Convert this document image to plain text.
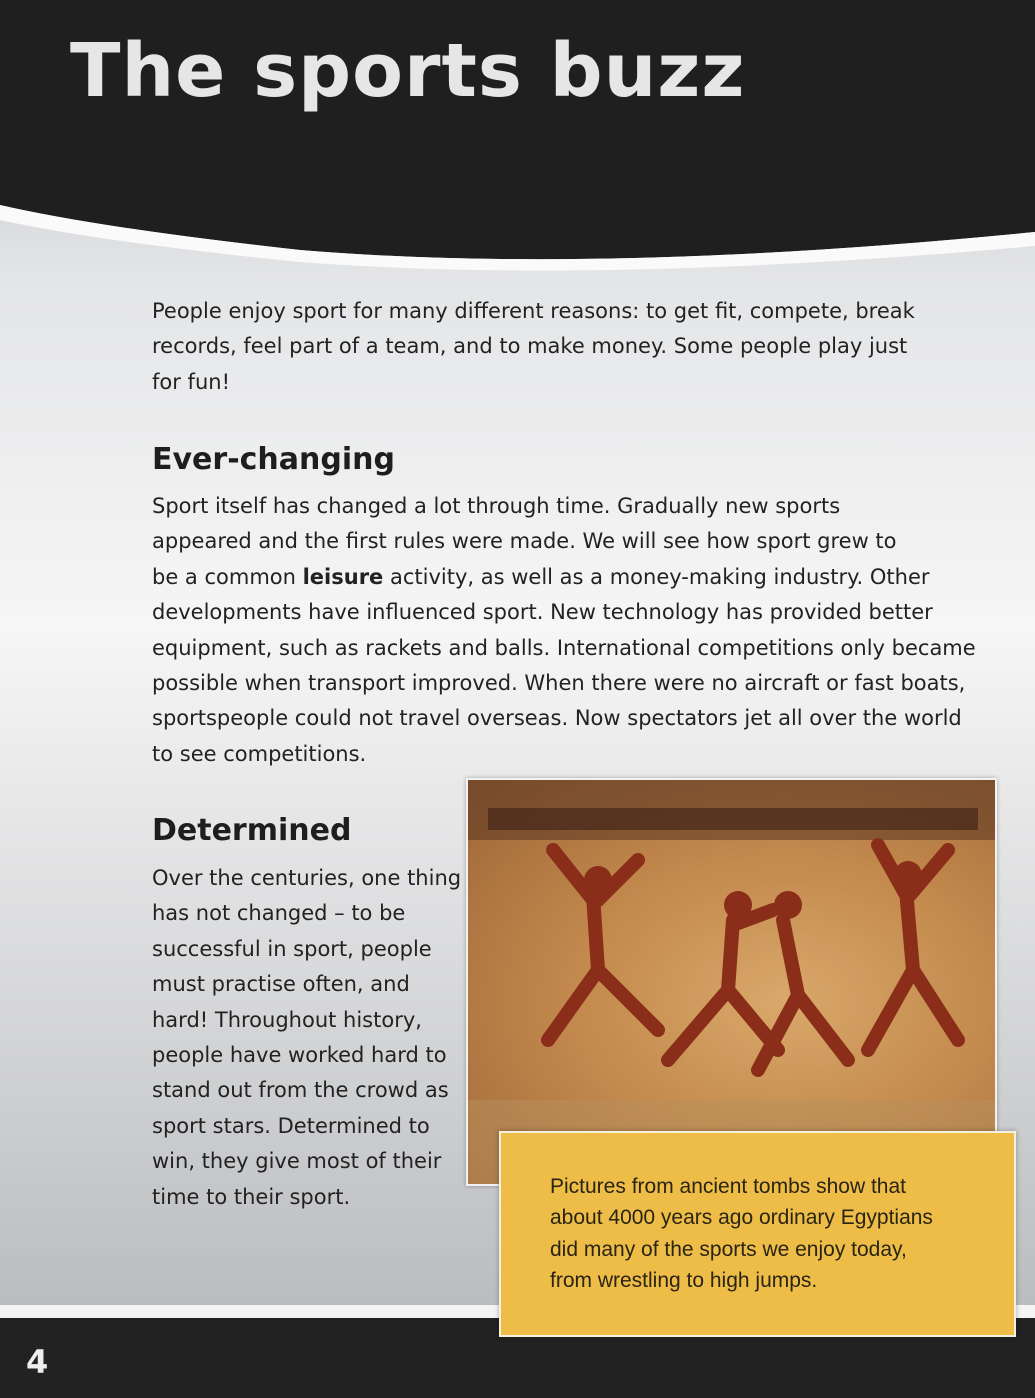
The sports buzz
People enjoy sport for many different reasons: to get fit, compete, break
records, feel part of a team, and to make money. Some people play just
for fun!
Ever-changing
Sport itself has changed a lot through time. Gradually new sports
appeared and the first rules were made. We will see how sport grew to
be a common leisure activity, as well as a money-making industry. Other
developments have influenced sport. New technology has provided better
equipment, such as rackets and balls. International competitions only became
possible when transport improved. When there were no aircraft or fast boats,
sportspeople could not travel overseas. Now spectators jet all over the world
to see competitions.
Determined
Over the centuries, one thing
has not changed – to be
successful in sport, people
must practise often, and
hard! Throughout history,
people have worked hard to
stand out from the crowd as
sport stars. Determined to
win, they give most of their
time to their sport.
4
Pictures from ancient tombs show that
about 4000 years ago ordinary Egyptians
did many of the sports we enjoy today,
from wrestling to high jumps.
